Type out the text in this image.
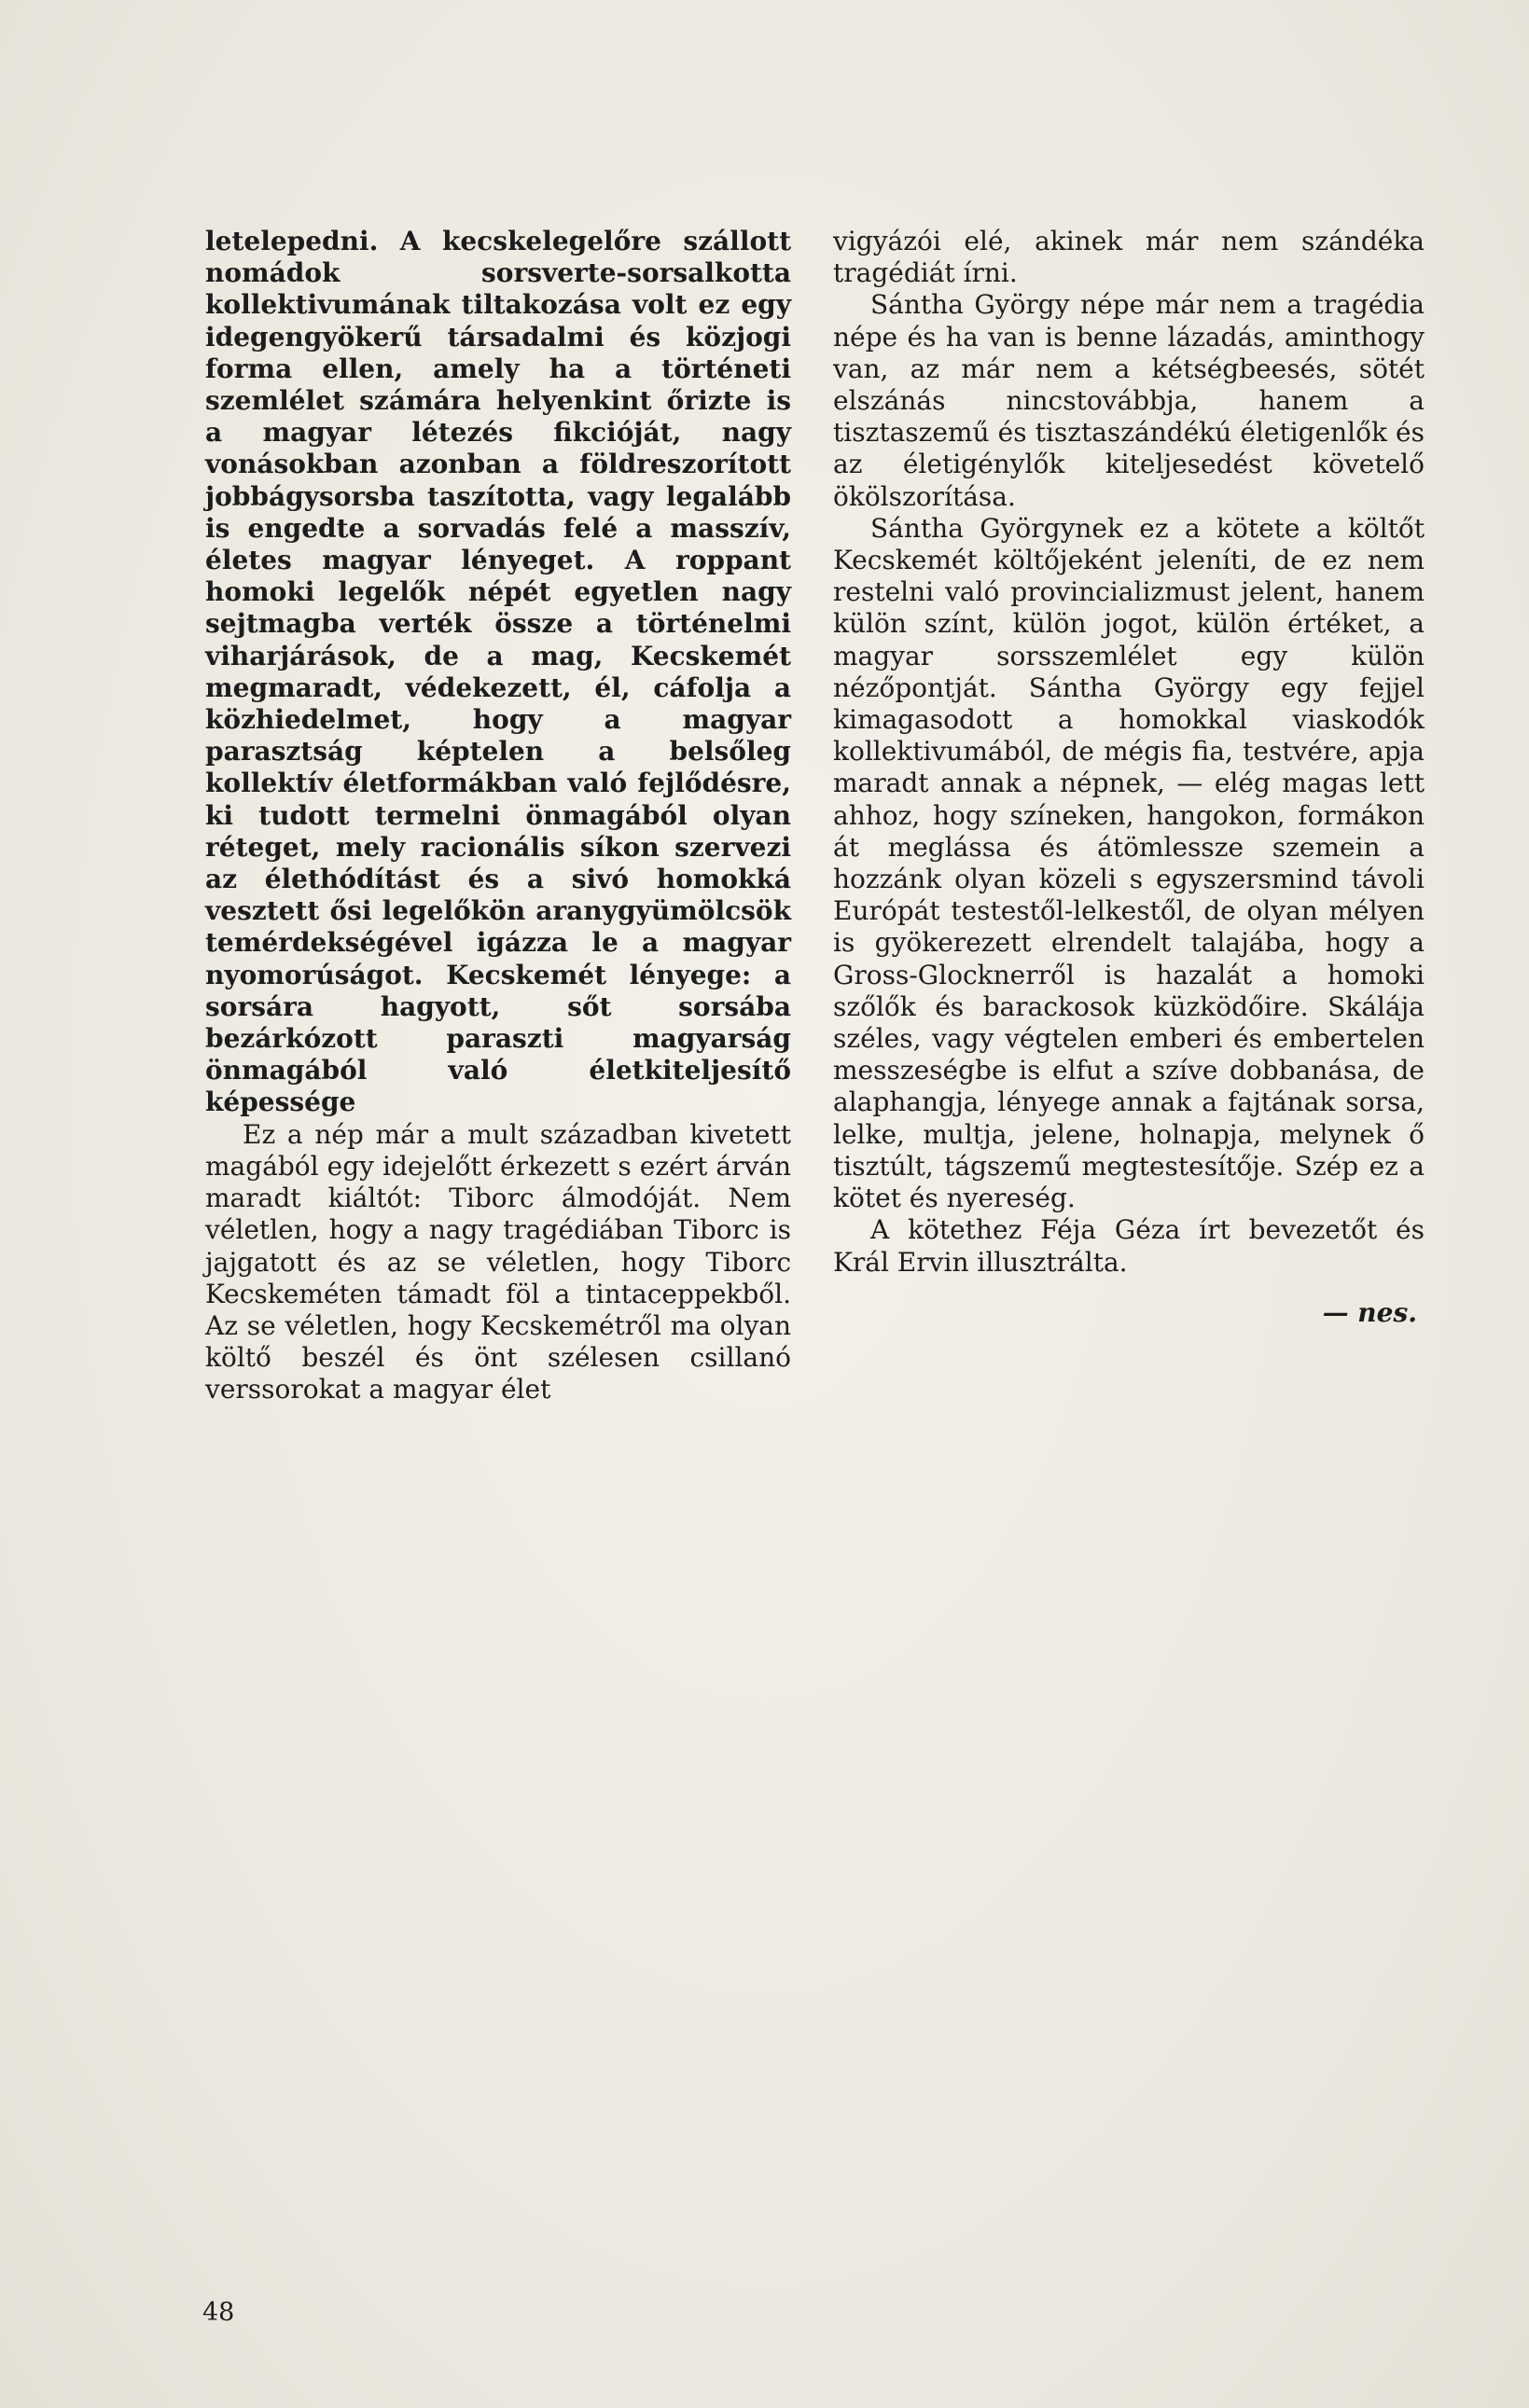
letelepedni. A kecskelegelőre szállott nomádok sorsverte-sorsalkotta kollektivumának tiltakozása volt ez egy idegengyökerű társadalmi és közjogi forma ellen, amely ha a történeti szemlélet számára helyenkint őrizte is a magyar létezés fikcióját, nagy vonásokban azonban a földreszorított jobbágysorsba taszította, vagy legalább is engedte a sorvadás felé a masszív, életes magyar lényeget. A roppant homoki legelők népét egyetlen nagy sejtmagba verték össze a történelmi viharjárások, de a mag, Kecskemét megmaradt, védekezett, él, cáfolja a közhiedelmet, hogy a magyar parasztság képtelen a belsőleg kollektív életformákban való fejlődésre, ki tudott termelni önmagából olyan réteget, mely racionális síkon szervezi az élethódítást és a sivó homokká vesztett ősi legelőkön aranygyümölcsök temérdekségével igázza le a magyar nyomorúságot. Kecskemét lényege: a sorsára hagyott, sőt sorsába bezárkózott paraszti magyarság önmagából való életkiteljesítő képessége

Ez a nép már a mult században kivetett magából egy idejelőtt érkezett s ezért árván maradt kiáltót: Tiborc álmodóját. Nem véletlen, hogy a nagy tragédiában Tiborc is jajgatott és az se véletlen, hogy Tiborc Kecskeméten támadt föl a tintaceppekből. Az se véletlen, hogy Kecskemétről ma olyan költő beszél és önt szélesen csillanó verssorokat a magyar élet

vigyázói elé, akinek már nem szándéka tragédiát írni.

Sántha György népe már nem a tragédia népe és ha van is benne lázadás, aminthogy van, az már nem a kétségbeesés, sötét elszánás nincstovábbja, hanem a tisztaszemű és tisztaszándékú életigenlők és az életigénylők kiteljesedést követelő ökölszorítása.

Sántha Györgynek ez a kötete a költőt Kecskemét költőjeként jeleníti, de ez nem restelni való provincializmust jelent, hanem külön színt, külön jogot, külön értéket, a magyar sorsszemlélet egy külön nézőpontját. Sántha György egy fejjel kimagasodott a homokkal viaskodók kollektivumából, de mégis fia, testvére, apja maradt annak a népnek, — elég magas lett ahhoz, hogy színeken, hangokon, formákon át meglássa és átömlessze szemein a hozzánk olyan közeli s egyszersmind távoli Európát testestől-lelkestől, de olyan mélyen is gyökerezett elrendelt talajába, hogy a Gross-Glocknerről is hazalát a homoki szőlők és barackosok küzködőire. Skálája széles, vagy végtelen emberi és embertelen messzeségbe is elfut a szíve dobbanása, de alaphangja, lényege annak a fajtának sorsa, lelke, multja, jelene, holnapja, melynek ő tisztúlt, tágszemű megtestesítője. Szép ez a kötet és nyereség.

A kötethez Féja Géza írt bevezetőt és Král Ervin illusztrálta.

— nes.

48
